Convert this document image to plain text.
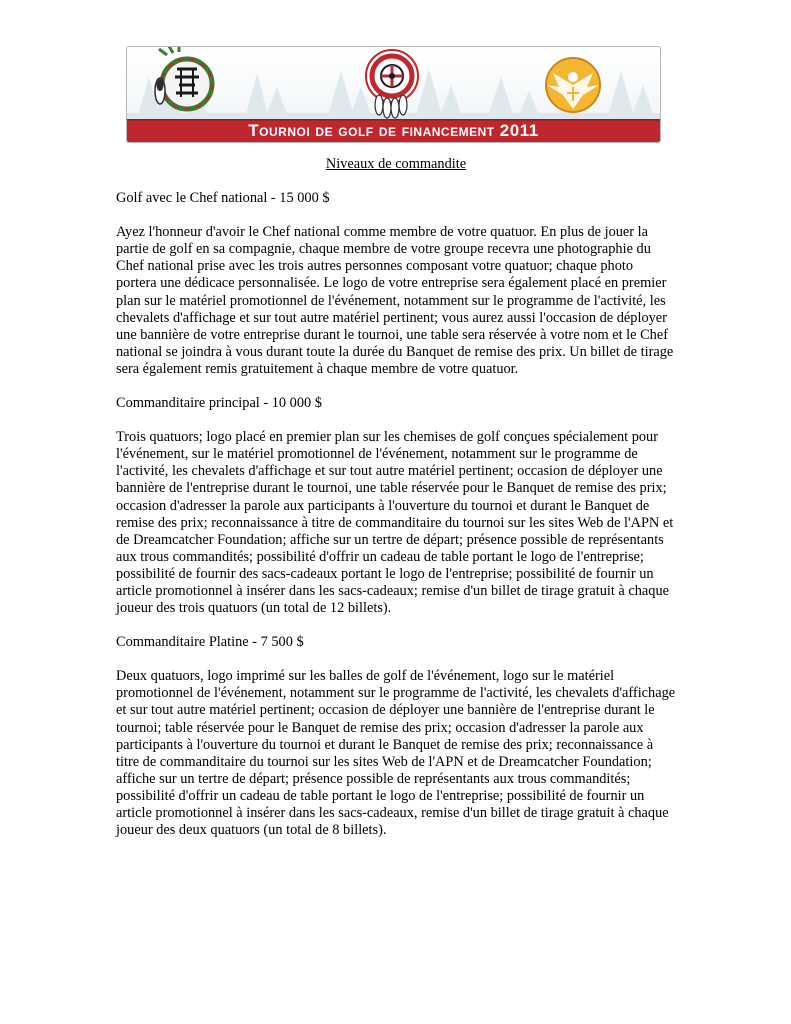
Tournoi de golf de financement 2011

Niveaux de commandite

Golf avec le Chef national - 15 000 $

Ayez l'honneur d'avoir le Chef national comme membre de votre quatuor. En plus de jouer la partie de golf en sa compagnie, chaque membre de votre groupe recevra une photographie du Chef national prise avec les trois autres personnes composant votre quatuor; chaque photo portera une dédicace personnalisée. Le logo de votre entreprise sera également placé en premier plan sur le matériel promotionnel de l'événement, notamment sur le programme de l'activité, les chevalets d'affichage et sur tout autre matériel pertinent; vous aurez aussi l'occasion de déployer une bannière de votre entreprise durant le tournoi, une table sera réservée à votre nom et le Chef national se joindra à vous durant toute la durée du Banquet de remise des prix. Un billet de tirage sera également remis gratuitement à chaque membre de votre quatuor.

Commanditaire principal - 10 000 $

Trois quatuors; logo placé en premier plan sur les chemises de golf conçues spécialement pour l'événement, sur le matériel promotionnel de l'événement, notamment sur le programme de l'activité, les chevalets d'affichage et sur tout autre matériel pertinent; occasion de déployer une bannière de l'entreprise durant le tournoi, une table réservée pour le Banquet de remise des prix; occasion d'adresser la parole aux participants à l'ouverture du tournoi et durant le Banquet de remise des prix; reconnaissance à titre de commanditaire du tournoi sur les sites Web de l'APN et de Dreamcatcher Foundation; affiche sur un tertre de départ; présence possible de représentants aux trous commandités; possibilité d'offrir un cadeau de table portant le logo de l'entreprise; possibilité de fournir des sacs-cadeaux portant le logo de l'entreprise; possibilité de fournir un article promotionnel à insérer dans les sacs-cadeaux; remise d'un billet de tirage gratuit à chaque joueur des trois quatuors (un total de 12 billets).

Commanditaire Platine - 7 500 $

Deux quatuors, logo imprimé sur les balles de golf de l'événement, logo sur le matériel promotionnel de l'événement, notamment sur le programme de l'activité, les chevalets d'affichage et sur tout autre matériel pertinent; occasion de déployer une bannière de l'entreprise durant le tournoi; table réservée pour le Banquet de remise des prix; occasion d'adresser la parole aux participants à l'ouverture du tournoi et durant le Banquet de remise des prix; reconnaissance à titre de commanditaire du tournoi sur les sites Web de l'APN et de Dreamcatcher Foundation; affiche sur un tertre de départ; présence possible de représentants aux trous commandités; possibilité d'offrir un cadeau de table portant le logo de l'entreprise; possibilité de fournir un article promotionnel à insérer dans les sacs-cadeaux, remise d'un billet de tirage gratuit à chaque joueur des deux quatuors (un total de 8 billets).
